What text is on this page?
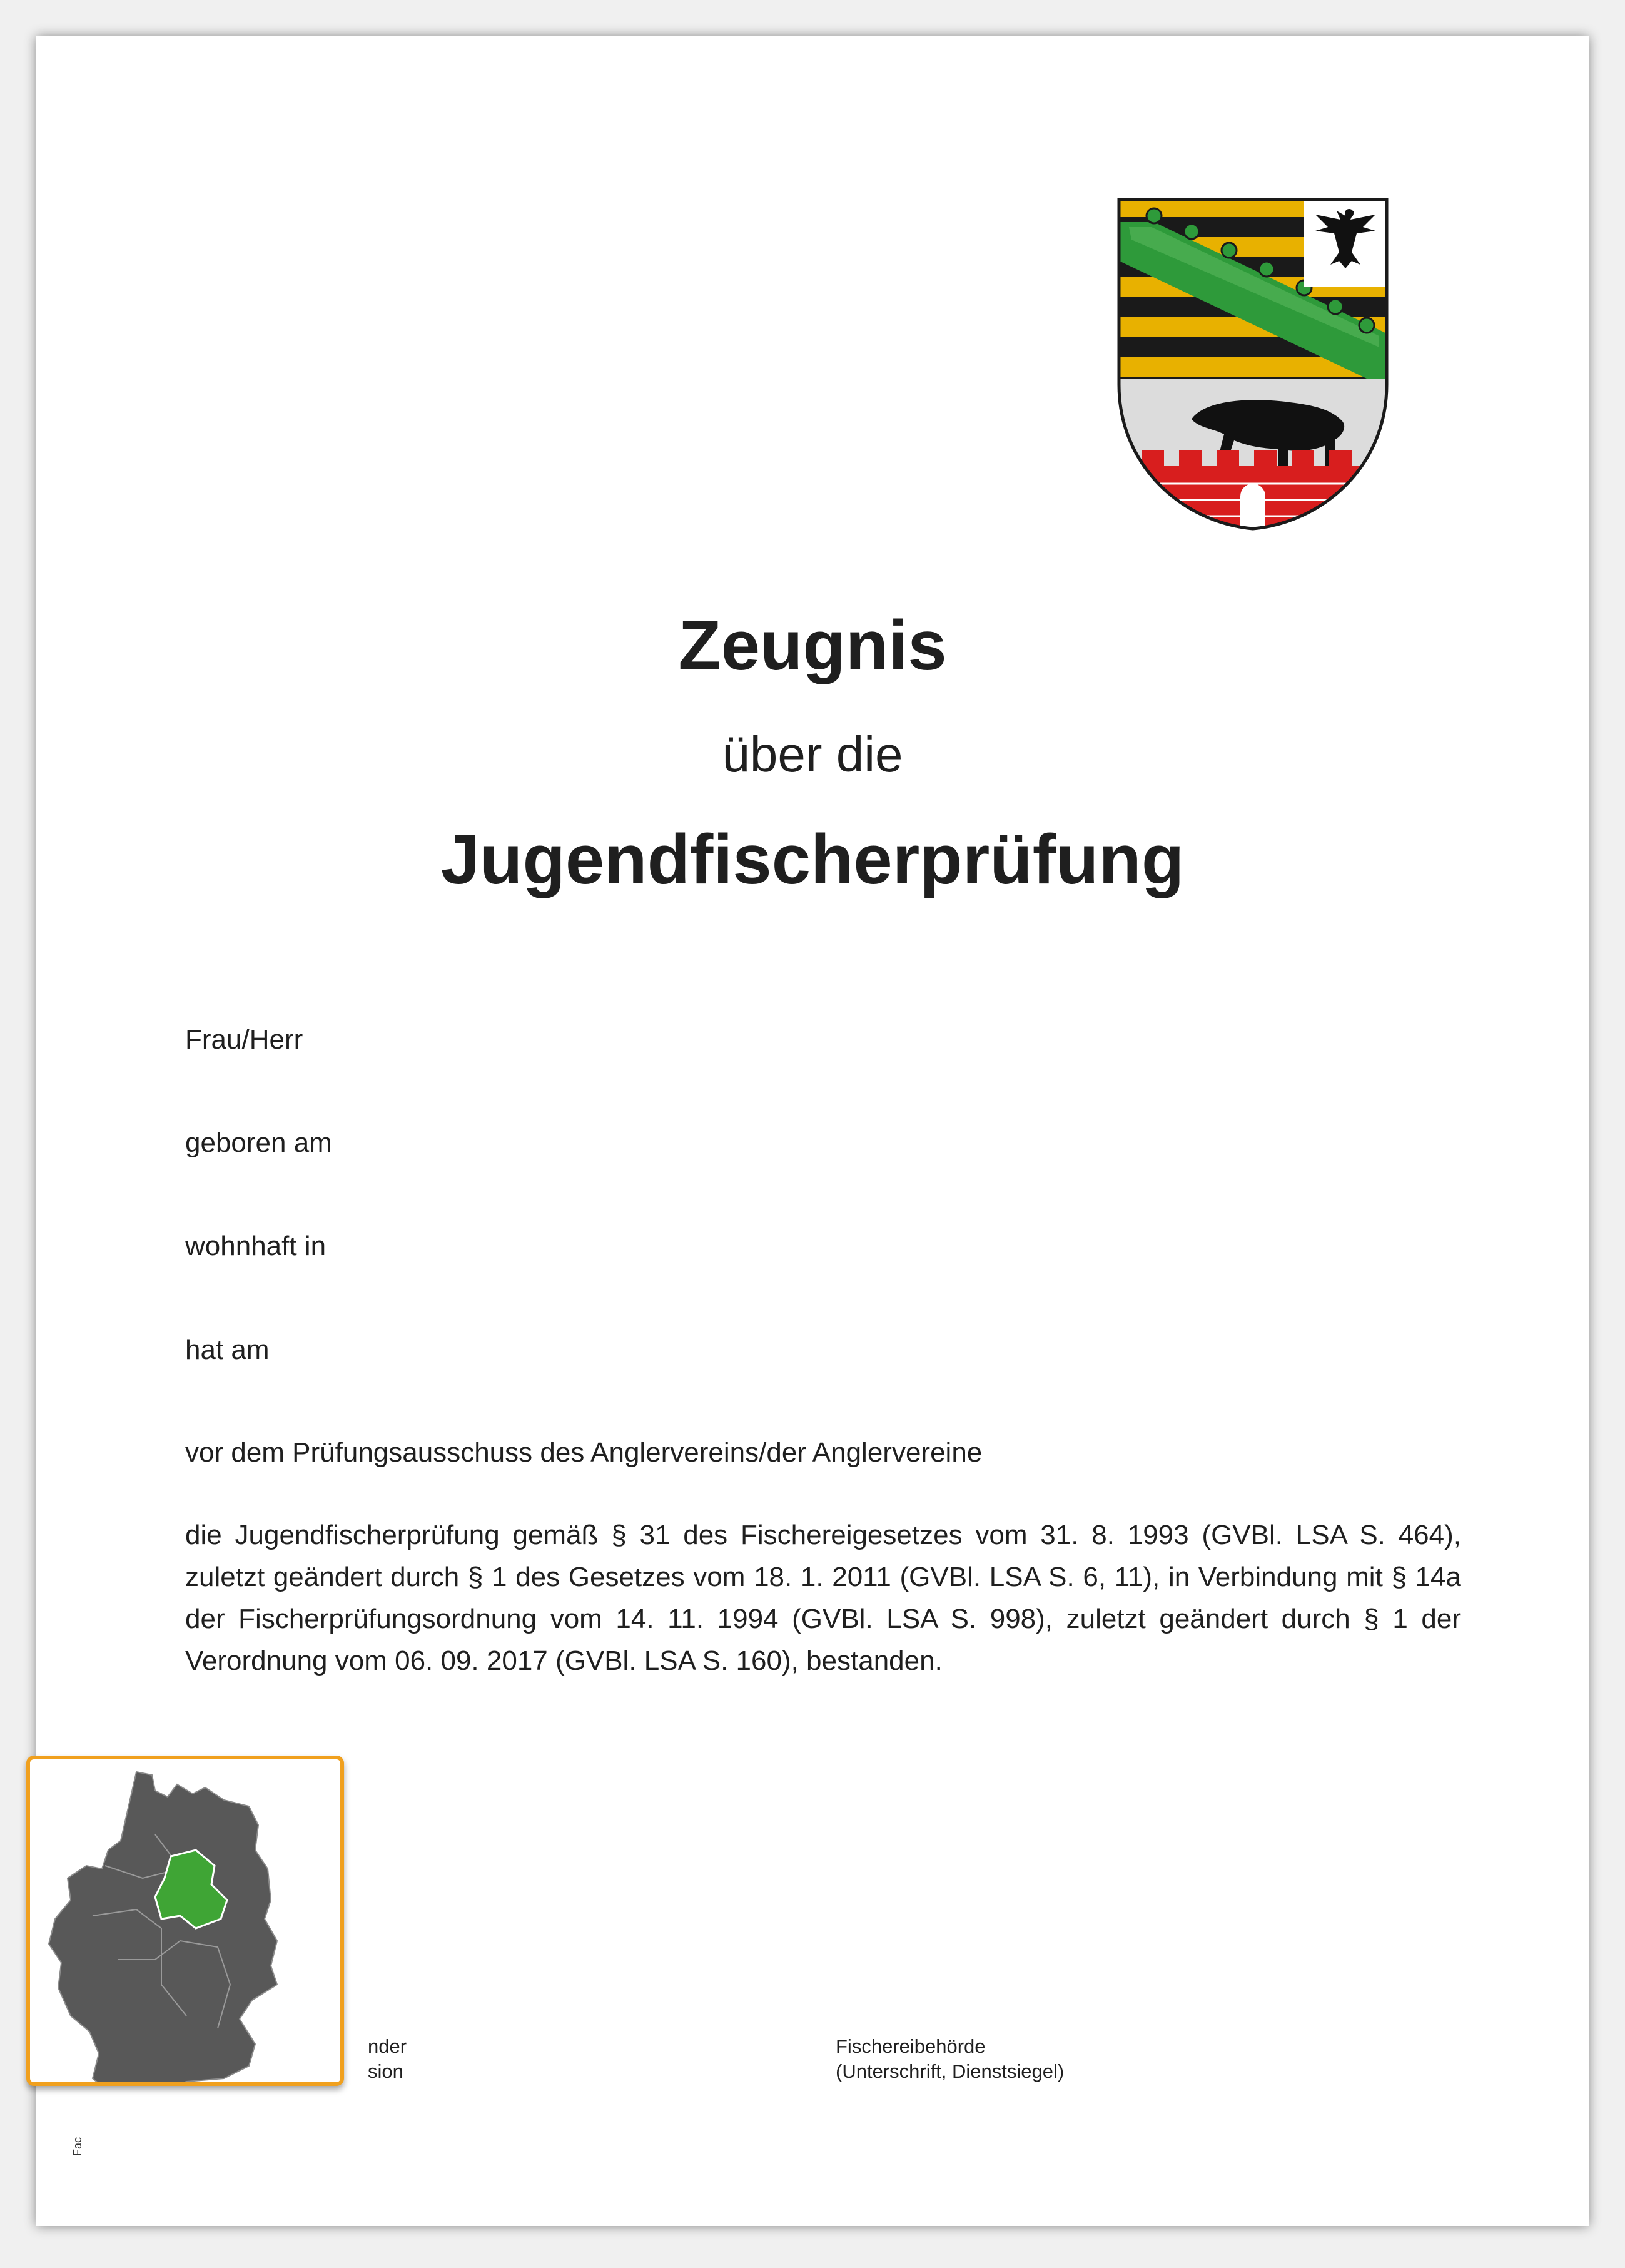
Zeugnis
über die
Jugendfischerprüfung
Frau/Herr
geboren am
wohnhaft in
hat am
vor dem Prüfungsausschuss des Anglervereins/der Anglervereine
die Jugendfischerprüfung gemäß § 31 des Fischereigesetzes vom 31. 8. 1993 (GVBl. LSA S. 464), zuletzt geändert durch § 1 des Gesetzes vom 18. 1. 2011 (GVBl. LSA S. 6, 11), in Verbindung mit § 14a der Fischerprüfungsordnung vom 14. 11. 1994 (GVBl. LSA S. 998), zuletzt geändert durch § 1 der Verordnung vom 06. 09. 2017 (GVBl. LSA S. 160), bestanden.
nder
sion
Fischereibehörde
(Unterschrift, Dienstsiegel)
Fac
